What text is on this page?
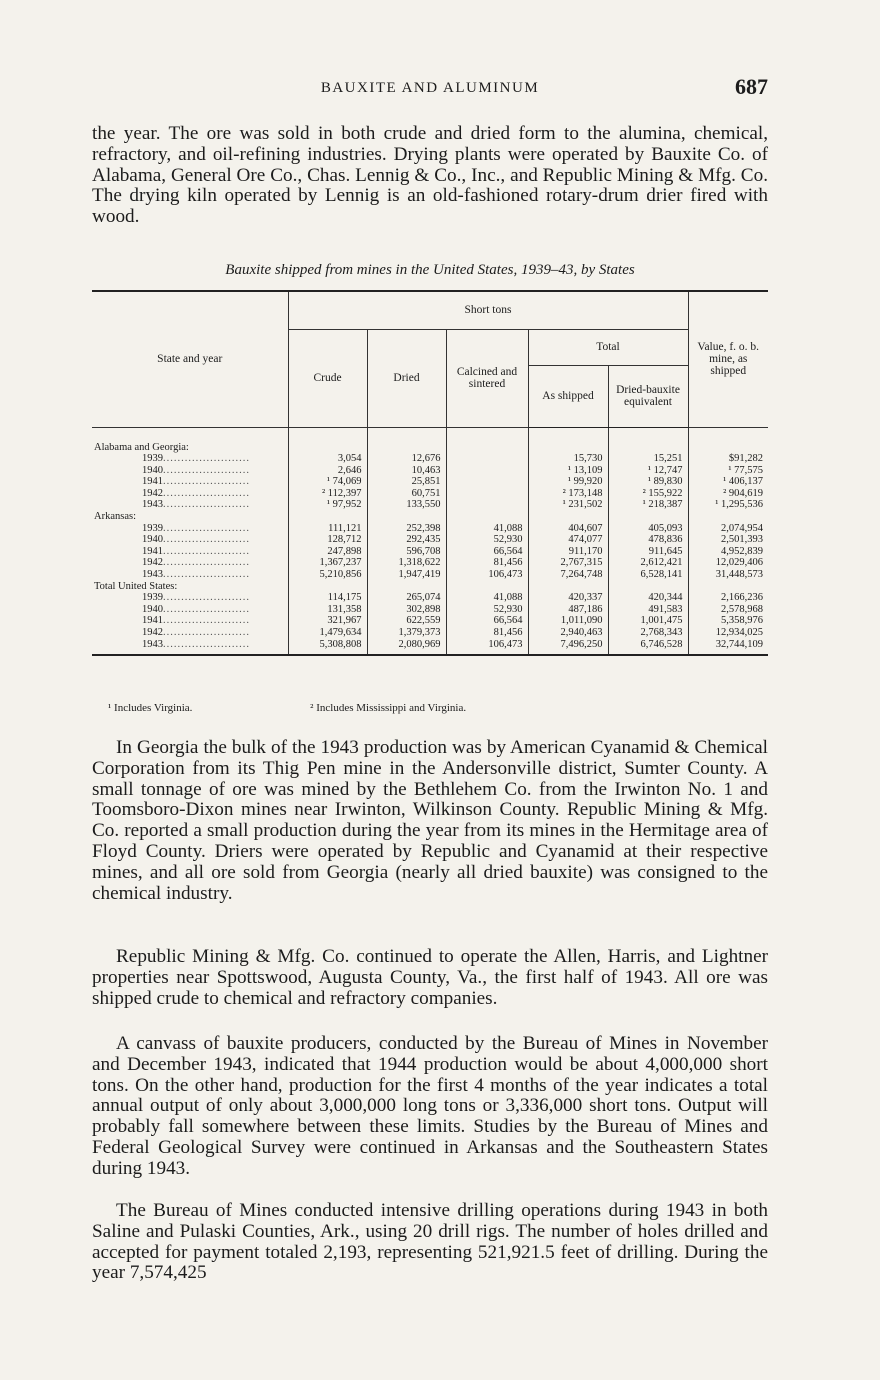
BAUXITE AND ALUMINUM	687

the year. The ore was sold in both crude and dried form to the alumina, chemical, refractory, and oil-refining industries. Drying plants were operated by Bauxite Co. of Alabama, General Ore Co., Chas. Lennig & Co., Inc., and Republic Mining & Mfg. Co. The drying kiln operated by Lennig is an old-fashioned rotary-drum drier fired with wood.

Bauxite shipped from mines in the United States, 1939–43, by States
State and year	Short tons					Value, f. o. b. mine, as shipped
	Crude	Dried	Calcined and sintered	Total		
				As shipped	Dried-bauxite equivalent	

Alabama and Georgia:						
1939........................	3,054	12,676		15,730	15,251	$91,282
1940........................	2,646	10,463		¹ 13,109	¹ 12,747	¹ 77,575
1941........................	¹ 74,069	25,851		¹ 99,920	¹ 89,830	¹ 406,137
1942........................	² 112,397	60,751		² 173,148	² 155,922	² 904,619
1943........................	¹ 97,952	133,550		¹ 231,502	¹ 218,387	¹ 1,295,536
Arkansas:						
1939........................	111,121	252,398	41,088	404,607	405,093	2,074,954
1940........................	128,712	292,435	52,930	474,077	478,836	2,501,393
1941........................	247,898	596,708	66,564	911,170	911,645	4,952,839
1942........................	1,367,237	1,318,622	81,456	2,767,315	2,612,421	12,029,406
1943........................	5,210,856	1,947,419	106,473	7,264,748	6,528,141	31,448,573
Total United States:						
1939........................	114,175	265,074	41,088	420,337	420,344	2,166,236
1940........................	131,358	302,898	52,930	487,186	491,583	2,578,968
1941........................	321,967	622,559	66,564	1,011,090	1,001,475	5,358,976
1942........................	1,479,634	1,379,373	81,456	2,940,463	2,768,343	12,934,025
1943........................	5,308,808	2,080,969	106,473	7,496,250	6,746,528	32,744,109
¹ Includes Virginia.	² Includes Mississippi and Virginia.

In Georgia the bulk of the 1943 production was by American Cyanamid & Chemical Corporation from its Thig Pen mine in the Andersonville district, Sumter County. A small tonnage of ore was mined by the Bethlehem Co. from the Irwinton No. 1 and Toomsboro-Dixon mines near Irwinton, Wilkinson County. Republic Mining & Mfg. Co. reported a small production during the year from its mines in the Hermitage area of Floyd County. Driers were operated by Republic and Cyanamid at their respective mines, and all ore sold from Georgia (nearly all dried bauxite) was consigned to the chemical industry.

Republic Mining & Mfg. Co. continued to operate the Allen, Harris, and Lightner properties near Spottswood, Augusta County, Va., the first half of 1943. All ore was shipped crude to chemical and refractory companies.

A canvass of bauxite producers, conducted by the Bureau of Mines in November and December 1943, indicated that 1944 production would be about 4,000,000 short tons. On the other hand, production for the first 4 months of the year indicates a total annual output of only about 3,000,000 long tons or 3,336,000 short tons. Output will probably fall somewhere between these limits. Studies by the Bureau of Mines and Federal Geological Survey were continued in Arkansas and the Southeastern States during 1943.

The Bureau of Mines conducted intensive drilling operations during 1943 in both Saline and Pulaski Counties, Ark., using 20 drill rigs. The number of holes drilled and accepted for payment totaled 2,193, representing 521,921.5 feet of drilling. During the year 7,574,425
